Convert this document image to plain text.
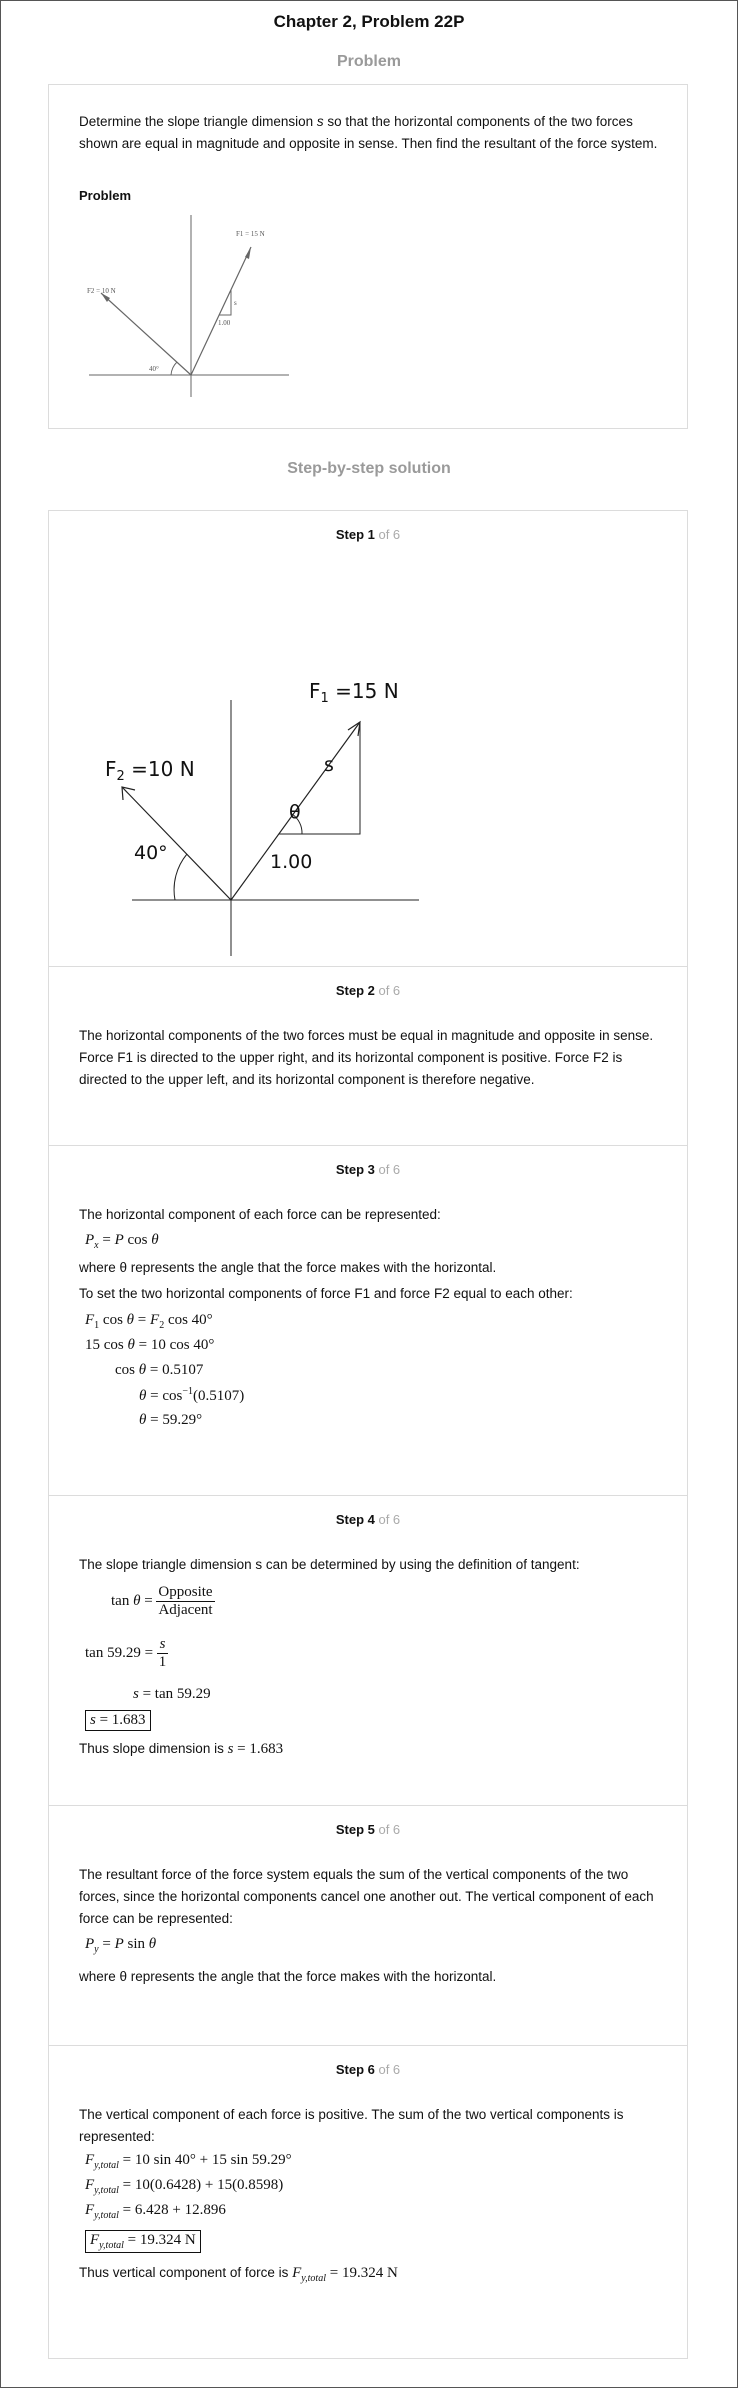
Chapter 2, Problem 22P
Problem
Determine the slope triangle dimension s so that the horizontal components of the two forces shown are equal in magnitude and opposite in sense. Then find the resultant of the force system.
Problem
F1 = 15 N
F2 = 10 N
s
1.00
40°
Step-by-step solution
Step 1 of 6
$F_1 =15$ N
$F_2 =10$ N	s
θ
1.00
40°
Step 2 of 6
The horizontal components of the two forces must be equal in magnitude and opposite in sense. Force F1 is directed to the upper right, and its horizontal component is positive. Force F2 is directed to the upper left, and its horizontal component is therefore negative.
Step 3 of 6
The horizontal component of each force can be represented:
$P_x = P$ cos θ
where θ represents the angle that the force makes with the horizontal.
To set the two horizontal components of force F1 and force F2 equal to each other:
$F_1$ $\cos \theta = F_2$ cos 40°
15 cos θ = 10 cos 40°
cos θ = 0.5107
$\theta = \cos^{-1}(0.5107)$
θ = 59.29°
Step 4 of 6
The slope triangle dimension s can be determined by using the definition of tangent:
$\tan \theta = \frac{\text{Opposite}}{\text{Adjacent}}$
$\tan 59.29 = \frac{s}{1}$
s = tan 59.29
s = 1.683
Thus slope dimension is s = 1.683
Step 5 of 6
The resultant force of the force system equals the sum of the vertical components of the two forces, since the horizontal components cancel one another out. The vertical component of each force can be represented:
$P_y = P$ sin θ
where θ represents the angle that the force makes with the horizontal.
Step 6 of 6
The vertical component of each force is positive. The sum of the two vertical components is represented:
$F_{y,total} = 10$ sin 40° + 15 sin 59.29°
$F_{y,total} = 10(0.6428) + 15(0.8598)$
$F_{y,total} = 6.428 + 12.896$
$F_{y,total} = 19.324$ N
Thus vertical component of force is $F_{y,total} = 19.324$ N
